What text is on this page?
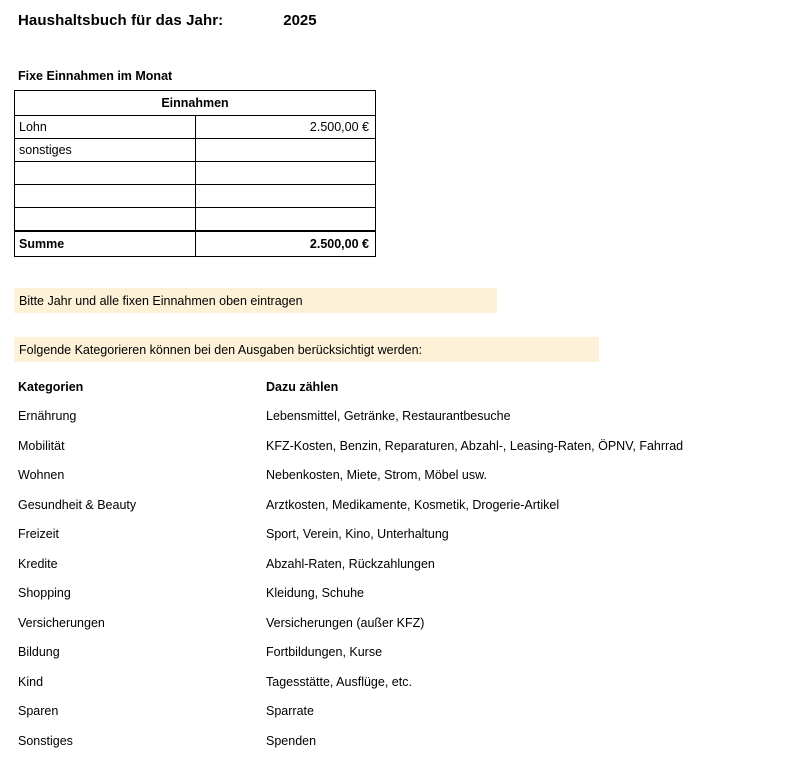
Haushaltsbuch für das Jahr:	2025
Fixe Einnahmen im Monat
Einnahmen	
Lohn	2.500,00 €
sonstiges	

Summe	2.500,00 €
Bitte Jahr und alle fixen Einnahmen oben eintragen
Folgende Kategorieren können bei den Ausgaben berücksichtigt werden:
Kategorien	Dazu zählen
Ernährung	Lebensmittel, Getränke, Restaurantbesuche
Mobilität	KFZ-Kosten, Benzin, Reparaturen, Abzahl-, Leasing-Raten, ÖPNV, Fahrrad
Wohnen	Nebenkosten, Miete, Strom, Möbel usw.
Gesundheit & Beauty	Arztkosten, Medikamente, Kosmetik, Drogerie-Artikel
Freizeit	Sport, Verein, Kino, Unterhaltung
Kredite	Abzahl-Raten, Rückzahlungen
Shopping	Kleidung, Schuhe
Versicherungen	Versicherungen (außer KFZ)
Bildung	Fortbildungen, Kurse
Kind	Tagesstätte, Ausflüge, etc.
Sparen	Sparrate
Sonstiges	Spenden
